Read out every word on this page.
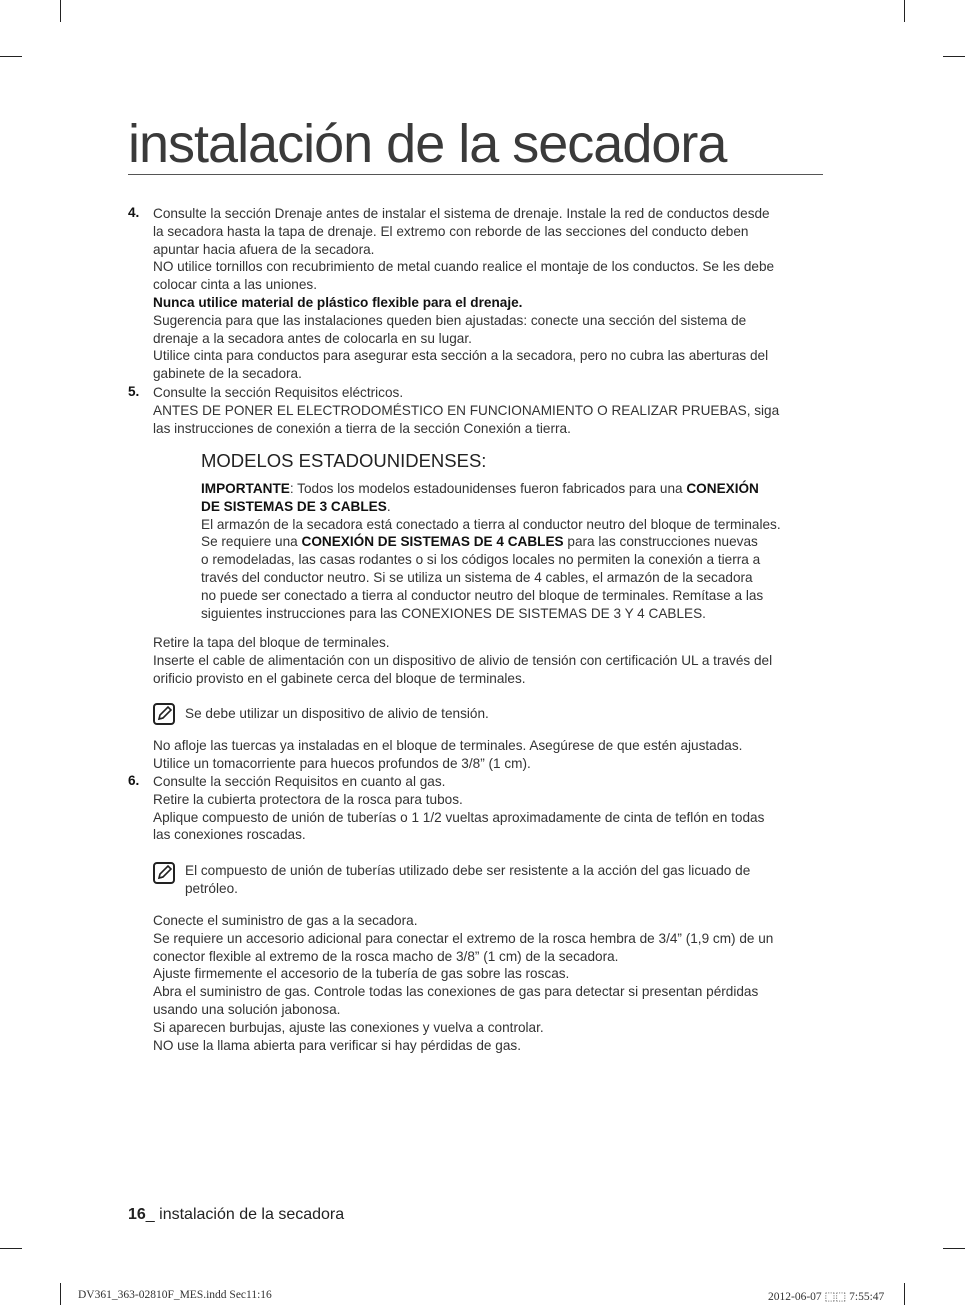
instalación de la secadora
4. Consulte la sección Drenaje antes de instalar el sistema de drenaje. Instale la red de conductos desde
la secadora hasta la tapa de drenaje. El extremo con reborde de las secciones del conducto deben
apuntar hacia afuera de la secadora.
NO utilice tornillos con recubrimiento de metal cuando realice el montaje de los conductos. Se les debe
colocar cinta a las uniones.
Nunca utilice material de plástico flexible para el drenaje.
Sugerencia para que las instalaciones queden bien ajustadas: conecte una sección del sistema de
drenaje a la secadora antes de colocarla en su lugar.
Utilice cinta para conductos para asegurar esta sección a la secadora, pero no cubra las aberturas del
gabinete de la secadora.
5. Consulte la sección Requisitos eléctricos.
ANTES DE PONER EL ELECTRODOMÉSTICO EN FUNCIONAMIENTO O REALIZAR PRUEBAS, siga
las instrucciones de conexión a tierra de la sección Conexión a tierra.
MODELOS ESTADOUNIDENSES:
IMPORTANTE: Todos los modelos estadounidenses fueron fabricados para una CONEXIÓN
DE SISTEMAS DE 3 CABLES.
El armazón de la secadora está conectado a tierra al conductor neutro del bloque de terminales.
Se requiere una CONEXIÓN DE SISTEMAS DE 4 CABLES para las construcciones nuevas
o remodeladas, las casas rodantes o si los códigos locales no permiten la conexión a tierra a
través del conductor neutro. Si se utiliza un sistema de 4 cables, el armazón de la secadora
no puede ser conectado a tierra al conductor neutro del bloque de terminales. Remítase a las
siguientes instrucciones para las CONEXIONES DE SISTEMAS DE 3 Y 4 CABLES.
Retire la tapa del bloque de terminales.
Inserte el cable de alimentación con un dispositivo de alivio de tensión con certificación UL a través del
orificio provisto en el gabinete cerca del bloque de terminales.
Se debe utilizar un dispositivo de alivio de tensión.
No afloje las tuercas ya instaladas en el bloque de terminales. Asegúrese de que estén ajustadas.
Utilice un tomacorriente para huecos profundos de 3/8” (1 cm).
6. Consulte la sección Requisitos en cuanto al gas.
Retire la cubierta protectora de la rosca para tubos.
Aplique compuesto de unión de tuberías o 1 1/2 vueltas aproximadamente de cinta de teflón en todas
las conexiones roscadas.
El compuesto de unión de tuberías utilizado debe ser resistente a la acción del gas licuado de
petróleo.
Conecte el suministro de gas a la secadora.
Se requiere un accesorio adicional para conectar el extremo de la rosca hembra de 3/4” (1,9 cm) de un
conector flexible al extremo de la rosca macho de 3/8” (1 cm) de la secadora.
Ajuste firmemente el accesorio de la tubería de gas sobre las roscas.
Abra el suministro de gas. Controle todas las conexiones de gas para detectar si presentan pérdidas
usando una solución jabonosa.
Si aparecen burbujas, ajuste las conexiones y vuelva a controlar.
NO use la llama abierta para verificar si hay pérdidas de gas.
16_ instalación de la secadora
DV361_363-02810F_MES.indd Sec11:16	2012-06-07 ⬚⬚ 7:55:47
